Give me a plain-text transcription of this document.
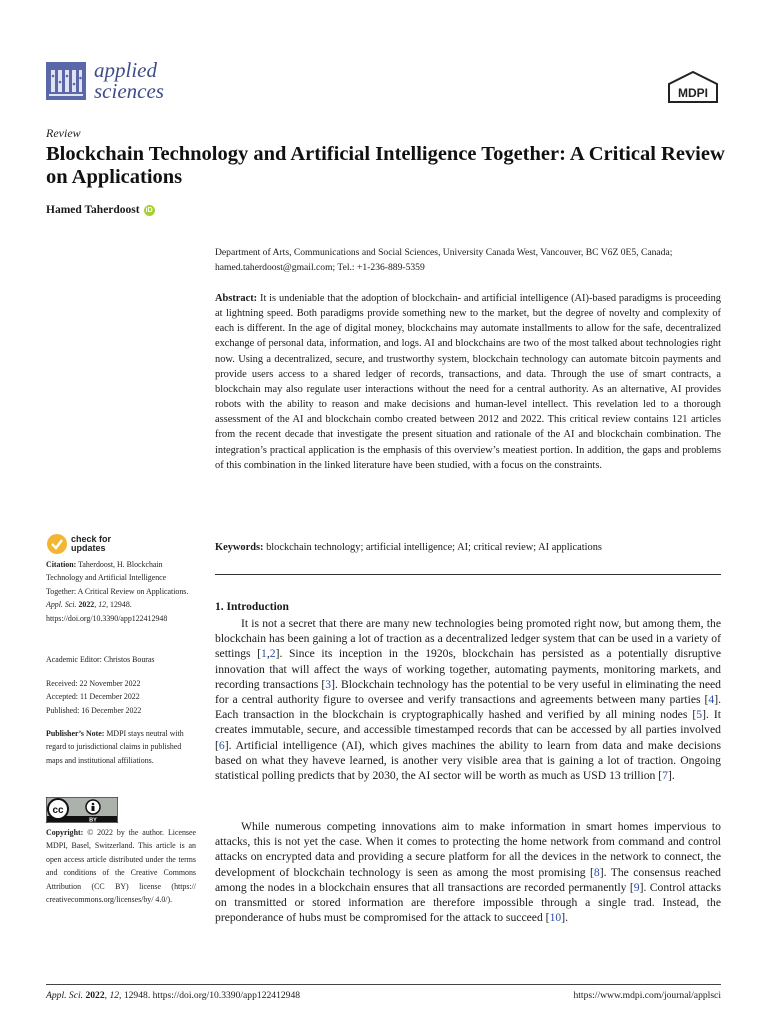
applied
sciences	MDPI
Review
Blockchain Technology and Artificial Intelligence Together: A Critical Review on Applications
Hamed Taherdoost iD
Department of Arts, Communications and Social Sciences, University Canada West, Vancouver, BC V6Z 0E5, Canada; hamed.taherdoost@gmail.com; Tel.: +1-236-889-5359
Abstract: It is undeniable that the adoption of blockchain- and artificial intelligence (AI)-based paradigms is proceeding at lightning speed. Both paradigms provide something new to the market, but the degree of novelty and complexity of each is different. In the age of digital money, blockchains may automate installments to allow for the safe, decentralized exchange of personal data, information, and logs. AI and blockchains are two of the most talked about technologies right now. Using a decentralized, secure, and trustworthy system, blockchain technology can automate bitcoin payments and provide users access to a shared ledger of records, transactions, and data. Through the use of smart contracts, a blockchain may also regulate user interactions without the need for a central authority. As an alternative, AI provides robots with the ability to reason and make decisions and human-level intellect. This revelation led to a thorough assessment of the AI and blockchain combo created between 2012 and 2022. This critical review contains 121 articles from the recent decade that investigate the present situation and rationale of the AI and blockchain combination. The integration’s practical application is the emphasis of this overview’s meatiest portion. In addition, the gaps and problems of this combination in the linked literature have been studied, with a focus on the constraints.
Keywords: blockchain technology; artificial intelligence; AI; critical review; AI applications
check for
updates
Citation: Taherdoost, H. Blockchain Technology and Artificial Intelligence Together: A Critical Review on Applications. Appl. Sci. 2022, 12, 12948. https://doi.org/10.3390/app122412948
Academic Editor: Christos Bouras
Received: 22 November 2022
Accepted: 11 December 2022
Published: 16 December 2022
Publisher’s Note: MDPI stays neutral with regard to jurisdictional claims in published maps and institutional affiliations.
cc
BY
Copyright: © 2022 by the author. Licensee MDPI, Basel, Switzerland. This article is an open access article distributed under the terms and conditions of the Creative Commons Attribution (CC BY) license (https:// creativecommons.org/licenses/by/ 4.0/).
1. Introduction
It is not a secret that there are many new technologies being promoted right now, but among them, the blockchain has been gaining a lot of traction as a decentralized ledger system that can be used in a variety of settings [1,2]. Since its inception in the 1920s, blockchain has persisted as a potentially disruptive innovation that will affect the ways of working together, automating payments, monitoring markets, and recording transactions [3]. Blockchain technology has the potential to be very useful in eliminating the need for a central authority figure to oversee and verify transactions and agreements between many parties [4]. Each transaction in the blockchain is cryptographically hashed and verified by all mining nodes [5]. It creates immutable, secure, and accessible timestamped records that can be accessed by all parties involved [6]. Artificial intelligence (AI), which gives machines the ability to learn from data and make decisions based on what they haveve learned, is another very visible area that is gaining a lot of traction. Ongoing statistical polling predicts that by 2030, the AI sector will be worth as much as USD 13 trillion [7].
While numerous competing innovations aim to make information in smart homes impervious to attacks, this is not yet the case. When it comes to protecting the home network from command and control attacks on encrypted data and providing a secure platform for all the devices in the network to connect, the development of blockchain technology is seen as among the most promising [8]. The consensus reached among the nodes in a blockchain ensures that all transactions are recorded permanently [9]. Control attacks on transmitted or stored information are therefore impossible through a single trad. Instead, the preponderance of hubs must be compromised for the attack to succeed [10].
Appl. Sci. 2022, 12, 12948. https://doi.org/10.3390/app122412948	https://www.mdpi.com/journal/applsci
